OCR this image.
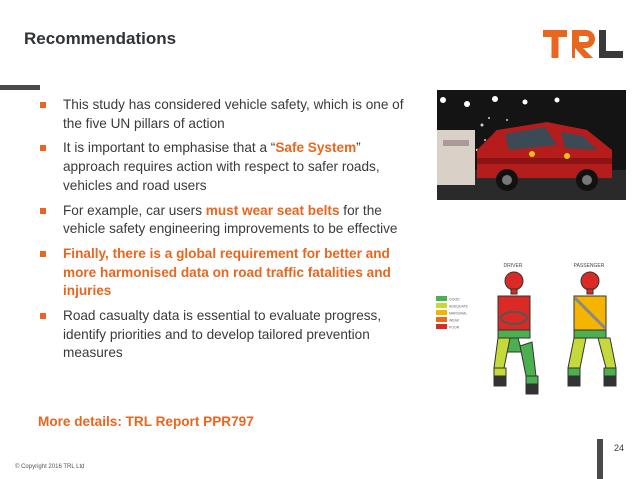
Recommendations
This study has considered vehicle safety, which is one of the five UN pillars of action
It is important to emphasise that a “Safe System” approach requires action with respect to safer roads, vehicles and road users
For example, car users must wear seat belts for the vehicle safety engineering improvements to be effective
Finally, there is a global requirement for better and more harmonised data on road traffic fatalities and injuries
Road casualty data is essential to evaluate progress, identify priorities and to develop tailored prevention measures
More details: TRL Report PPR797
DRIVER	PASSENGER
GOOD
ADEQUATE
MARGINAL
WEAK
POOR
24
© Copyright 2016 TRL Ltd
